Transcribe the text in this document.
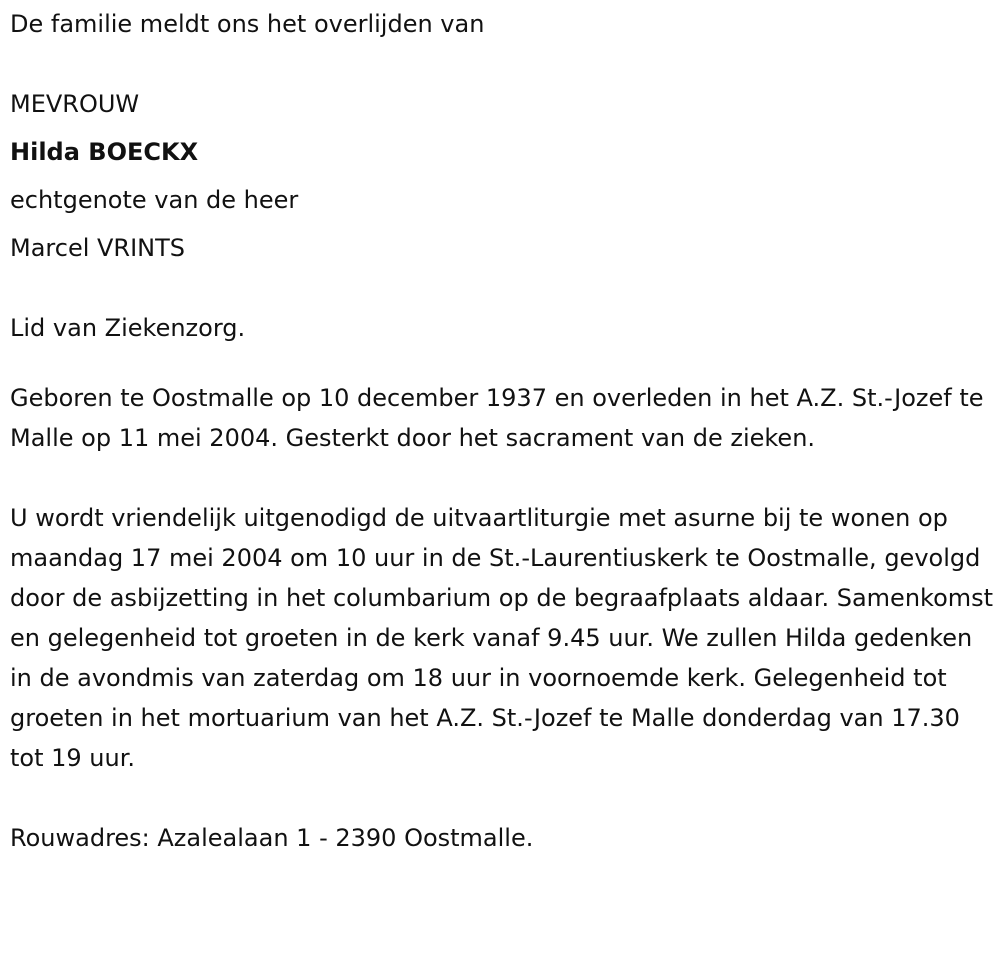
De familie meldt ons het overlijden van
MEVROUW
Hilda BOECKX
echtgenote van de heer
Marcel VRINTS
Lid van Ziekenzorg.

Geboren te Oostmalle op 10 december 1937 en overleden in het A.Z. St.-Jozef te Malle op 11 mei 2004. Gesterkt door het sacrament van de zieken.

U wordt vriendelijk uitgenodigd de uitvaartliturgie met asurne bij te wonen op maandag 17 mei 2004 om 10 uur in de St.-Laurentiuskerk te Oostmalle, gevolgd door de asbijzetting in het columbarium op de begraafplaats aldaar. Samenkomst en gelegenheid tot groeten in de kerk vanaf 9.45 uur. We zullen Hilda gedenken in de avondmis van zaterdag om 18 uur in voornoemde kerk. Gelegenheid tot groeten in het mortuarium van het A.Z. St.-Jozef te Malle donderdag van 17.30 tot 19 uur.

Rouwadres: Azalealaan 1 - 2390 Oostmalle.
